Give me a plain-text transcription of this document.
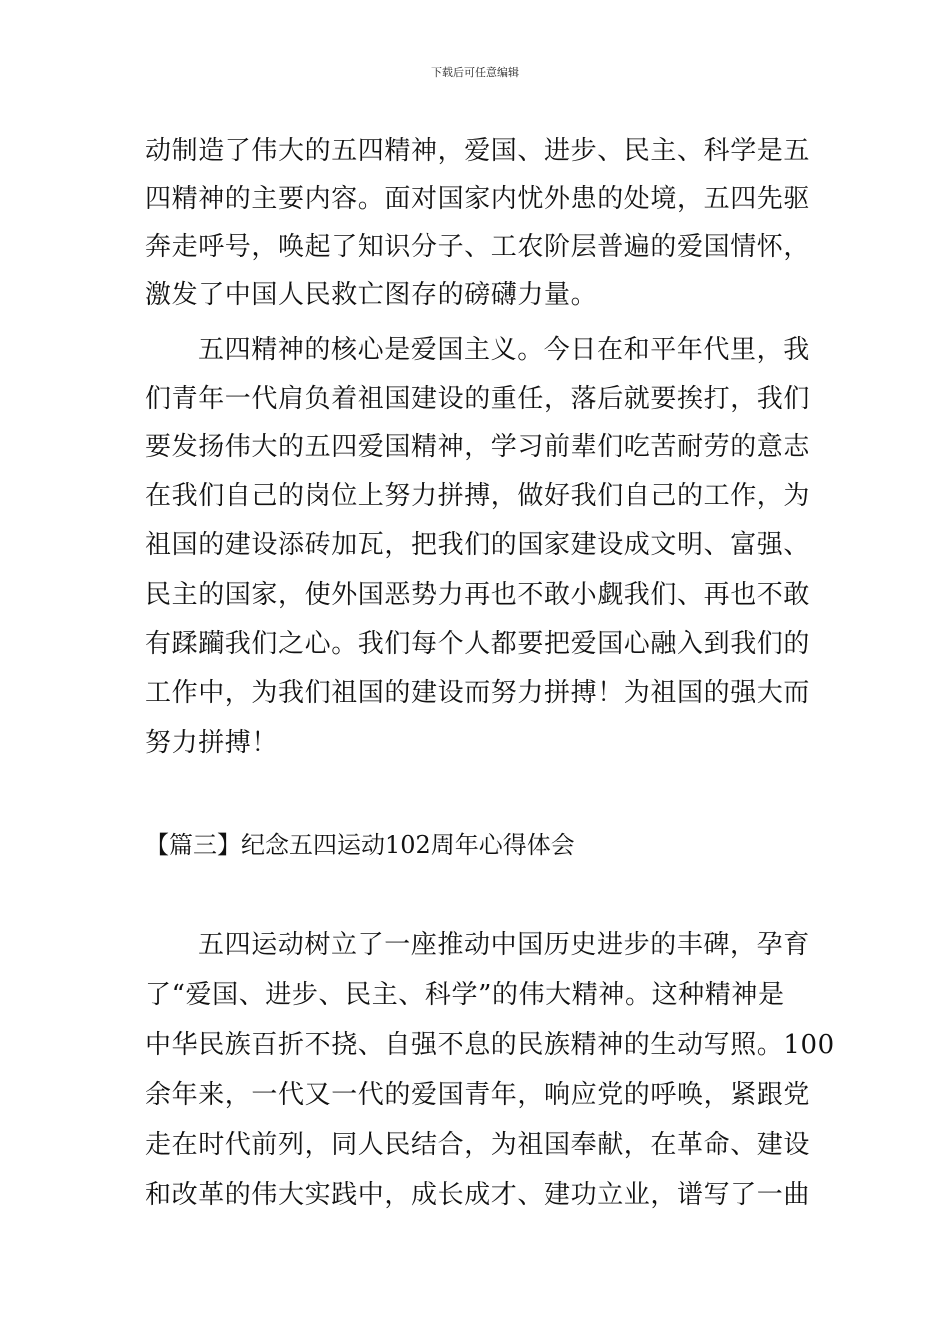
下载后可任意编辑
动制造了伟大的五四精神，爱国、进步、民主、科学是五
四精神的主要内容。面对国家内忧外患的处境，五四先驱
奔走呼号，唤起了知识分子、工农阶层普遍的爱国情怀，
激发了中国人民救亡图存的磅礴力量。
五四精神的核心是爱国主义。今日在和平年代里，我
们青年一代肩负着祖国建设的重任，落后就要挨打，我们
要发扬伟大的五四爱国精神，学习前辈们吃苦耐劳的意志
在我们自己的岗位上努力拼搏，做好我们自己的工作，为
祖国的建设添砖加瓦，把我们的国家建设成文明、富强、
民主的国家，使外国恶势力再也不敢小觑我们、再也不敢
有蹂躏我们之心。我们每个人都要把爱国心融入到我们的
工作中，为我们祖国的建设而努力拼搏！为祖国的强大而
努力拼搏！
【篇三】纪念五四运动102周年心得体会
五四运动树立了一座推动中国历史进步的丰碑，孕育
了“爱国、进步、民主、科学”的伟大精神。这种精神是
中华民族百折不挠、自强不息的民族精神的生动写照。100
余年来，一代又一代的爱国青年，响应党的呼唤，紧跟党
走在时代前列，同人民结合，为祖国奉献，在革命、建设
和改革的伟大实践中，成长成才、建功立业，谱写了一曲
